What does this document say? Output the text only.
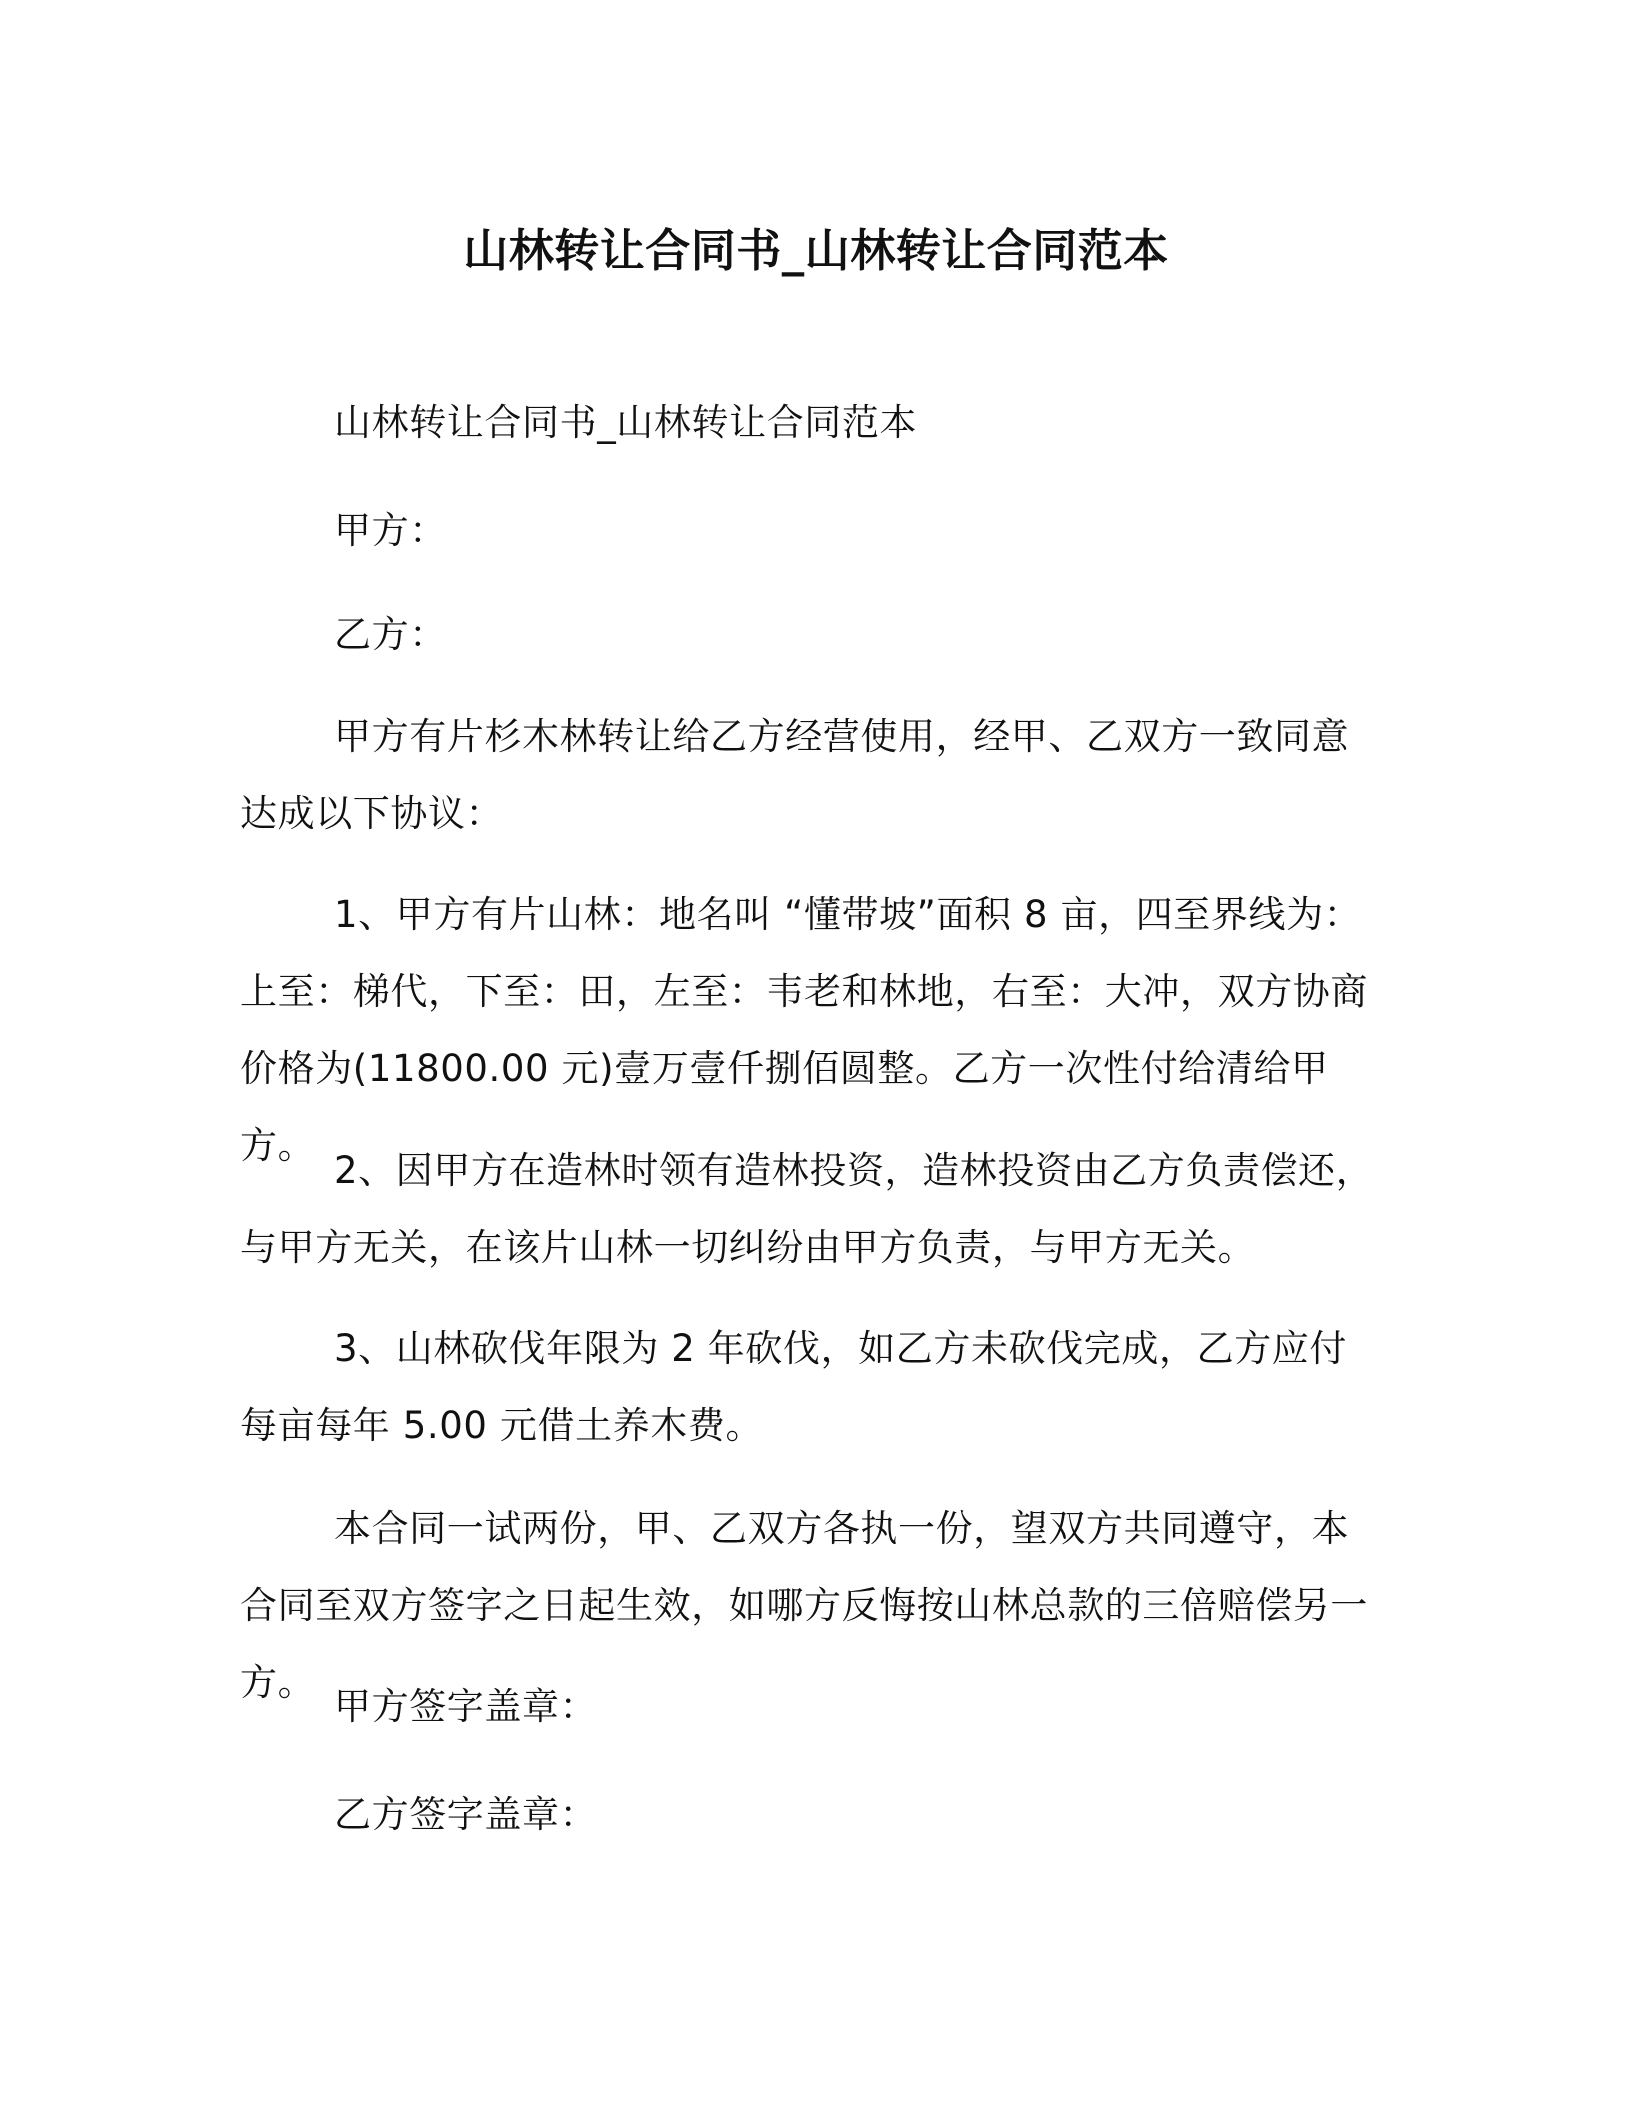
山林转让合同书_山林转让合同范本

山林转让合同书_山林转让合同范本

甲方：

乙方：

甲方有片杉木林转让给乙方经营使用，经甲、乙双方一致同意达成以下协议：

1、甲方有片山林：地名叫 “懂带坡”面积 8 亩，四至界线为：上至：梯代，下至：田，左至：韦老和林地，右至：大冲，双方协商价格为(11800.00 元)壹万壹仟捌佰圆整。乙方一次性付给清给甲方。

2、因甲方在造林时领有造林投资，造林投资由乙方负责偿还，与甲方无关，在该片山林一切纠纷由甲方负责，与甲方无关。

3、山林砍伐年限为 2 年砍伐，如乙方未砍伐完成，乙方应付每亩每年 5.00 元借土养木费。

本合同一试两份，甲、乙双方各执一份，望双方共同遵守，本合同至双方签字之日起生效，如哪方反悔按山林总款的三倍赔偿另一方。

甲方签字盖章：

乙方签字盖章：
